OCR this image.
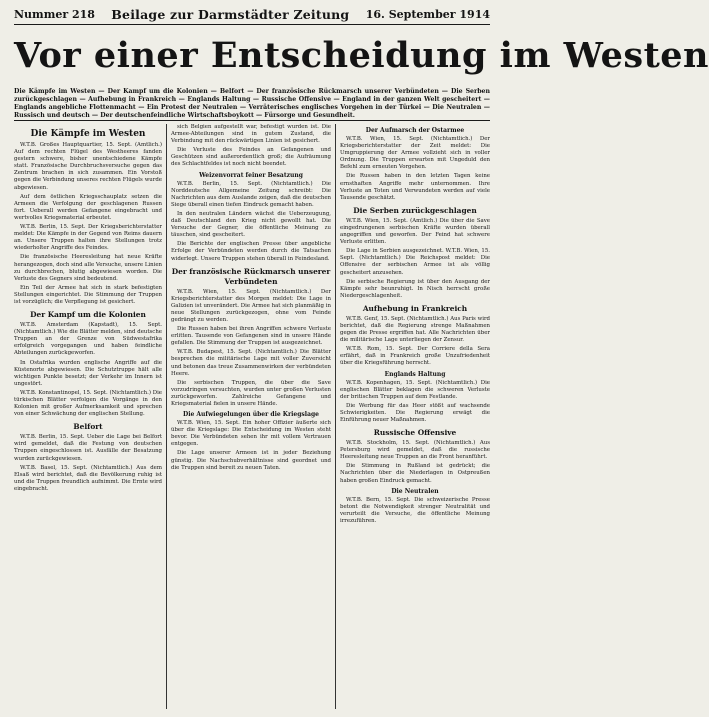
Nummer 218 Beilage zur Darmstädter Zeitung 16. September 1914
Vor einer Entscheidung im Westen
Die Kämpfe im Westen — Der Kampf um die Kolonien — Belfort — Der französische Rückmarsch unserer Verbündeten — Die Serben zurückgeschlagen — Aufhebung in Frankreich — Englands Haltung — Russische Offensive — England in der ganzen Welt gescheitert — Englands angebliche Flottenmacht — Ein Protest der Neutralen — Verräterisches englisches Vorgehen in der Türkei — Die Neutralen — Russisch und deutsch — Der deutschenfeindliche Wirtschaftsboykott — Fürsorge und Gesundheit.
Die Kämpfe im Westen

W.T.B. Großes Hauptquartier, 15. Sept. (Amtlich.) Auf dem rechten Flügel des Westheeres fanden gestern schwere, bisher unentschiedene Kämpfe statt. Französische Durchbruchsversuche gegen das Zentrum brachen in sich zusammen. Ein Vorstoß gegen die Verbindung unseres rechten Flügels wurde abgewiesen.

Auf dem östlichen Kriegsschauplatz setzen die Armeen die Verfolgung der geschlagenen Russen fort. Ueberall werden Gefangene eingebracht und wertvolles Kriegsmaterial erbeutet.

W.T.B. Berlin, 15. Sept. Der Kriegsberichterstatter meldet: Die Kämpfe in der Gegend von Reims dauern an. Unsere Truppen halten ihre Stellungen trotz wiederholter Angriffe des Feindes.

Die französische Heeresleitung hat neue Kräfte herangezogen, doch sind alle Versuche, unsere Linien zu durchbrechen, blutig abgewiesen worden. Die Verluste des Gegners sind bedeutend.

Ein Teil der Armee hat sich in stark befestigten Stellungen eingerichtet. Die Stimmung der Truppen ist vorzüglich; die Verpflegung ist gesichert.

Der Kampf um die Kolonien

W.T.B. Amsterdam (Kapstadt), 15. Sept. (Nichtamtlich.) Wie die Blätter melden, sind deutsche Truppen an der Grenze von Südwestafrika erfolgreich vorgegangen und haben feindliche Abteilungen zurückgeworfen.

In Ostafrika wurden englische Angriffe auf die Küstenorte abgewiesen. Die Schutztruppe hält alle wichtigen Punkte besetzt; der Verkehr im Innern ist ungestört.

W.T.B. Konstantinopel, 15. Sept. (Nichtamtlich.) Die türkischen Blätter verfolgen die Vorgänge in den Kolonien mit großer Aufmerksamkeit und sprechen von einer Schwächung der englischen Stellung.

Belfort

W.T.B. Berlin, 15. Sept. Ueber die Lage bei Belfort wird gemeldet, daß die Festung von deutschen Truppen eingeschlossen ist. Ausfälle der Besatzung wurden zurückgewiesen.

W.T.B. Basel, 15. Sept. (Nichtamtlich.) Aus dem Elsaß wird berichtet, daß die Bevölkerung ruhig ist und die Truppen freundlich aufnimmt. Die Ernte wird eingebracht.

sich Belgien aufgestellt war, befestigt wurden ist. Die Armee-Abteilungen sind in gutem Zustand, die Verbindung mit den rückwärtigen Linien ist gesichert.

Die Verluste des Feindes an Gefangenen und Geschützen sind außerordentlich groß; die Aufräumung des Schlachtfeldes ist noch nicht beendet.

Weizenvorrat feiner Besatzung

W.T.B. Berlin, 15. Sept. (Nichtamtlich.) Die Norddeutsche Allgemeine Zeitung schreibt: Die Nachrichten aus dem Auslande zeigen, daß die deutschen Siege überall einen tiefen Eindruck gemacht haben.

In den neutralen Ländern wächst die Ueberzeugung, daß Deutschland den Krieg nicht gewollt hat. Die Versuche der Gegner, die öffentliche Meinung zu täuschen, sind gescheitert.

Die Berichte der englischen Presse über angebliche Erfolge der Verbündeten werden durch die Tatsachen widerlegt. Unsere Truppen stehen überall in Feindesland.

Der französische Rückmarsch unserer Verbündeten

W.T.B. Wien, 15. Sept. (Nichtamtlich.) Der Kriegsberichterstatter des Morgen meldet: Die Lage in Galizien ist unverändert. Die Armee hat sich planmäßig in neue Stellungen zurückgezogen, ohne vom Feinde gedrängt zu werden.

Die Russen haben bei ihren Angriffen schwere Verluste erlitten. Tausende von Gefangenen sind in unsere Hände gefallen. Die Stimmung der Truppen ist ausgezeichnet.

W.T.B. Budapest, 15. Sept. (Nichtamtlich.) Die Blätter besprechen die militärische Lage mit voller Zuversicht und betonen das treue Zusammenwirken der verbündeten Heere.

Die serbischen Truppen, die über die Save vorzudringen versuchten, wurden unter großen Verlusten zurückgeworfen. Zahlreiche Gefangene und Kriegsmaterial fielen in unsere Hände.

Die Aufwiegelungen über die Kriegslage

W.T.B. Wien, 15. Sept. Ein hoher Offizier äußerte sich über die Kriegslage: Die Entscheidung im Westen steht bevor. Die Verbündeten sehen ihr mit vollem Vertrauen entgegen.

Die Lage unserer Armeen ist in jeder Beziehung günstig. Die Nachschubverhältnisse sind geordnet und die Truppen sind bereit zu neuen Taten.

Der Aufmarsch der Ostarmee

W.T.B. Wien, 15. Sept. (Nichtamtlich.) Der Kriegsberichterstatter der Zeit meldet: Die Umgruppierung der Armee vollzieht sich in voller Ordnung. Die Truppen erwarten mit Ungeduld den Befehl zum erneuten Vorgehen.

Die Russen haben in den letzten Tagen keine ernsthaften Angriffe mehr unternommen. Ihre Verluste an Toten und Verwundeten werden auf viele Tausende geschätzt.

Die Serben zurückgeschlagen

W.T.B. Wien, 15. Sept. (Amtlich.) Die über die Save eingedrungenen serbischen Kräfte wurden überall angegriffen und geworfen. Der Feind hat schwere Verluste erlitten.

Die Lage in Serbien ausgezeichnet. W.T.B. Wien, 15. Sept. (Nichtamtlich.) Die Reichspost meldet: Die Offensive der serbischen Armee ist als völlig gescheitert anzusehen.

Die serbische Regierung ist über den Ausgang der Kämpfe sehr beunruhigt. In Nisch herrscht große Niedergeschlagenheit.

Aufhebung in Frankreich

W.T.B. Genf, 15. Sept. (Nichtamtlich.) Aus Paris wird berichtet, daß die Regierung strenge Maßnahmen gegen die Presse ergriffen hat. Alle Nachrichten über die militärische Lage unterliegen der Zensur.

W.T.B. Rom, 15. Sept. Der Corriere della Sera erfährt, daß in Frankreich große Unzufriedenheit über die Kriegsführung herrscht.

Englands Haltung

W.T.B. Kopenhagen, 15. Sept. (Nichtamtlich.) Die englischen Blätter beklagen die schweren Verluste der britischen Truppen auf dem Festlande.

Die Werbung für das Heer stößt auf wachsende Schwierigkeiten. Die Regierung erwägt die Einführung neuer Maßnahmen.

Russische Offensive

W.T.B. Stockholm, 15. Sept. (Nichtamtlich.) Aus Petersburg wird gemeldet, daß die russische Heeresleitung neue Truppen an die Front heranführt.

Die Stimmung in Rußland ist gedrückt; die Nachrichten über die Niederlagen in Ostpreußen haben großen Eindruck gemacht.

Die Neutralen

W.T.B. Bern, 15. Sept. Die schweizerische Presse betont die Notwendigkeit strenger Neutralität und verurteilt die Versuche, die öffentliche Meinung irrezuführen.
